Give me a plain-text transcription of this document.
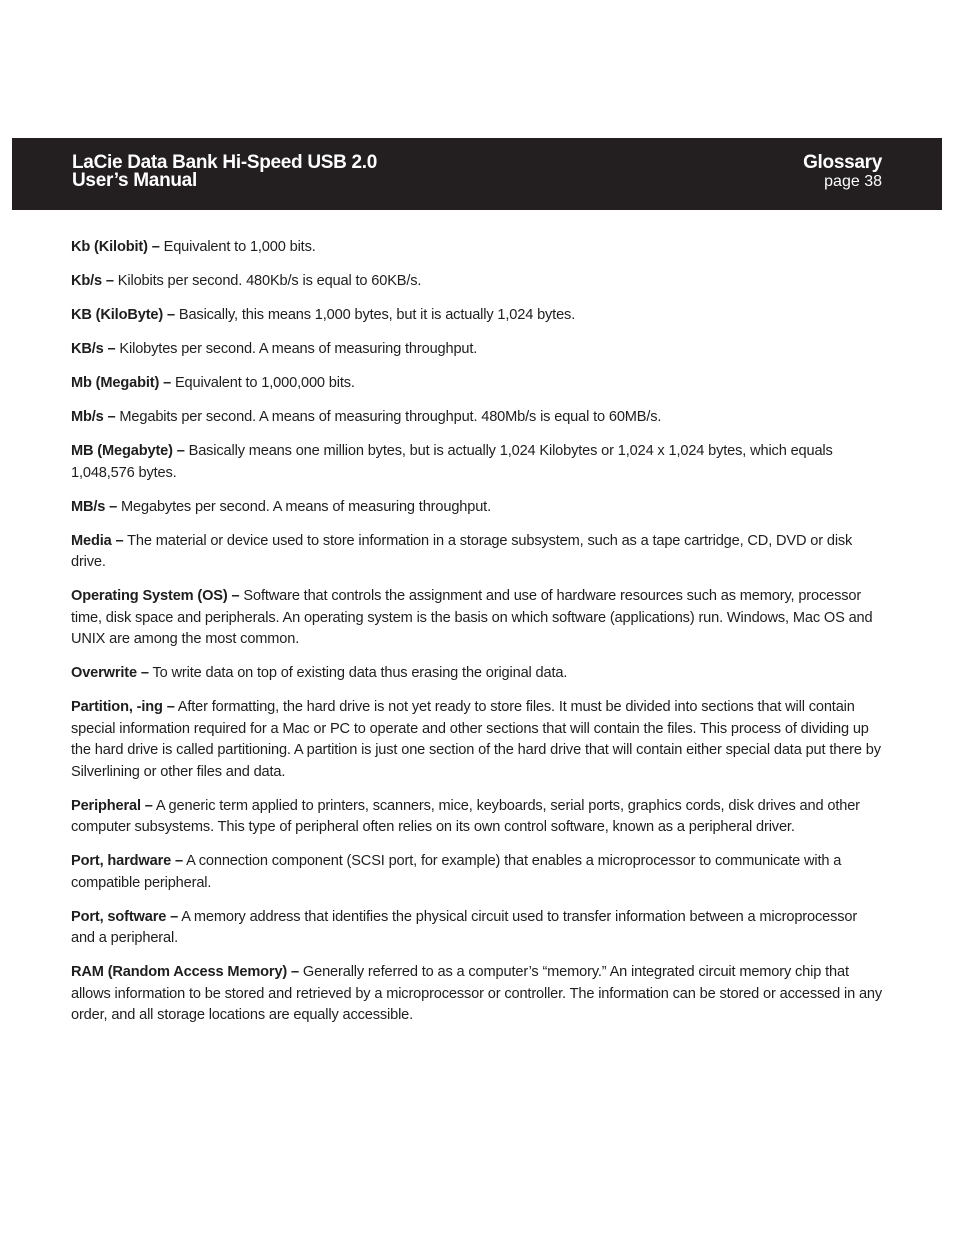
LaCie Data Bank Hi-Speed USB 2.0
User’s Manual
Glossary
page 38

Kb (Kilobit) – Equivalent to 1,000 bits.

Kb/s – Kilobits per second. 480Kb/s is equal to 60KB/s.

KB (KiloByte) – Basically, this means 1,000 bytes, but it is actually 1,024 bytes.

KB/s – Kilobytes per second. A means of measuring throughput.

Mb (Megabit) – Equivalent to 1,000,000 bits.

Mb/s – Megabits per second. A means of measuring throughput. 480Mb/s is equal to 60MB/s.

MB (Megabyte) – Basically means one million bytes, but is actually 1,024 Kilobytes or 1,024 x 1,024 bytes, which equals 1,048,576 bytes.

MB/s – Megabytes per second. A means of measuring throughput.

Media – The material or device used to store information in a storage subsystem, such as a tape cartridge, CD, DVD or disk drive.

Operating System (OS) – Software that controls the assignment and use of hardware resources such as memory, processor time, disk space and peripherals. An operating system is the basis on which software (applications) run. Windows, Mac OS and UNIX are among the most common.

Overwrite – To write data on top of existing data thus erasing the original data.

Partition, -ing – After formatting, the hard drive is not yet ready to store files. It must be divided into sections that will contain special information required for a Mac or PC to operate and other sections that will contain the files. This process of dividing up the hard drive is called partitioning. A partition is just one section of the hard drive that will contain either special data put there by Silverlining or other files and data.

Peripheral – A generic term applied to printers, scanners, mice, keyboards, serial ports, graphics cords, disk drives and other computer subsystems. This type of peripheral often relies on its own control software, known as a peripheral driver.

Port, hardware – A connection component (SCSI port, for example) that enables a microprocessor to communicate with a compatible peripheral.

Port, software – A memory address that identifies the physical circuit used to transfer information between a microprocessor and a peripheral.

RAM (Random Access Memory) – Generally referred to as a computer’s “memory.” An integrated circuit memory chip that allows information to be stored and retrieved by a microprocessor or controller. The information can be stored or accessed in any order, and all storage locations are equally accessible.
